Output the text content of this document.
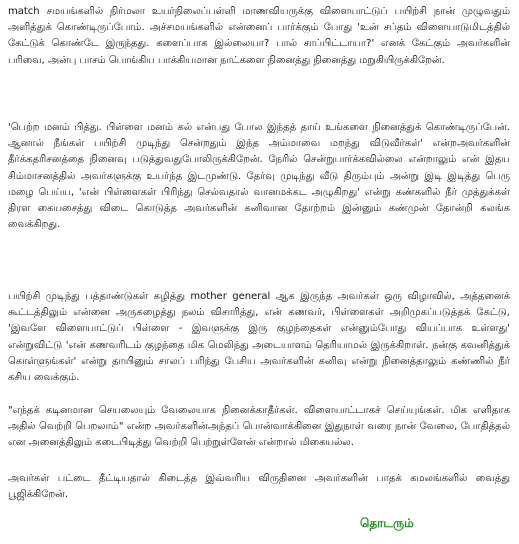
match சமயங்களில் நிர்மலா உயர்நிலைப்பள்ளி மாணவியருக்கு விளையாட்டுப் பயிற்சி நான் முழுவதும் அளித்துக் கொண்டிருப்போம். அச்சமயங்களில் என்னைப் பார்க்கும் போது 'உன் சப்தம் விளையாடுமிடத்தில் கேட்டுக் கொண்டே இருந்தது. களைப்பாக இல்லையா? பால் சாப்பிட்டாயா?' எனக் கேட்கும் அவர்களின் பரிவை, அன்பு பாசம் பொங்கிய பாக்கியமான நாட்களை நினைத்து நினைத்து மறுகியிருக்கிறேன்.

'பெற்ற மனம் பித்து. பிள்ளை மனம் கல் என்பது போல இந்தத் தாய் உங்களை நினைத்துக் கொண்டிருப்பேன். ஆனால் நீங்கள் பயிற்சி முடிந்து சென்றதும் இந்த அம்மாவை மறந்து விடுவீர்கள்' என்றஅவர்களின் தீர்க்கதரிசனத்தை நினைவு படுத்துவதுபோலிருக்கிறேன். நேரில் சென்றுபார்க்கவில்லை என்றாலும் என் இதய சிம்மாசனத்தில் அவர்களுக்கு உயர்ந்த இடமுண்டு. தேர்வு முடிந்து வீடு திரும்பும் அன்று இடி இடித்து பெரு மழை பெய்ய, 'என் பிள்ளைகள் பிரிந்து செல்வதால் வானமக்கட அழுகிறது' என்று கண்களில் நீர் முத்துக்கள் திரள கையசைத்து விடை கொடுத்த அவர்களின் கனிவான தோற்றம் இன்னும் கண்முன் தோன்றி கலங்க வைக்கிறது.

பயிற்சி முடிந்து பத்தாண்டுகள் கழித்து mother general ஆக இருந்த அவர்கள் ஒரு விழாவில், அத்தனைக் கூட்டத்திலும் என்னை அருகழைத்து நலம் விசாரித்து, என் கணவர், பிள்ளைகள் அறிமுகப்படுத்தக் கேட்டு, 'இவளே விளையாட்டுப் பிள்ளை - இவளுக்கு இரு குழந்தைகள் என்னும்போது வியப்பாக உள்ளது' என்றுவிட்டு 'என் கணவரிடம் குழந்தை மிக மெலிந்து அடையாளம் தெரியாமல் இருக்கிறாள். நன்கு கவனித்துக் கொள்ளுங்கள்' என்று தாயினும் சாலப் பரிந்து பேசிய அவர்களின் கனிவு என்று நினைத்தாலும் கண்ணில் நீர் கசிய வைக்கும்.

"எந்தக் கடினமான செயலையும் வேலையாக நினைக்காதீர்கள். விளையாட்டாகச் செய்யுங்கள். மிக எளிதாக அதில் வெற்றி பெறலாம்" என்ற அவர்களின்அந்தப் பொன்வாக்கினை இதுநாள் வரை நான் வேலை, போதித்தல் என அனைத்திலும் கடைபிடித்து வெற்றி பெற்றுள்ளேன் என்றால் மிகையல்ல.

அவர்கள் பட்டை தீட்டியதால் கிடைத்த இவ்வரிய விருதினை அவர்களின் பாதக் கமலங்களில் வைத்து பூஜிக்கிறேன்.

தொடரும்
